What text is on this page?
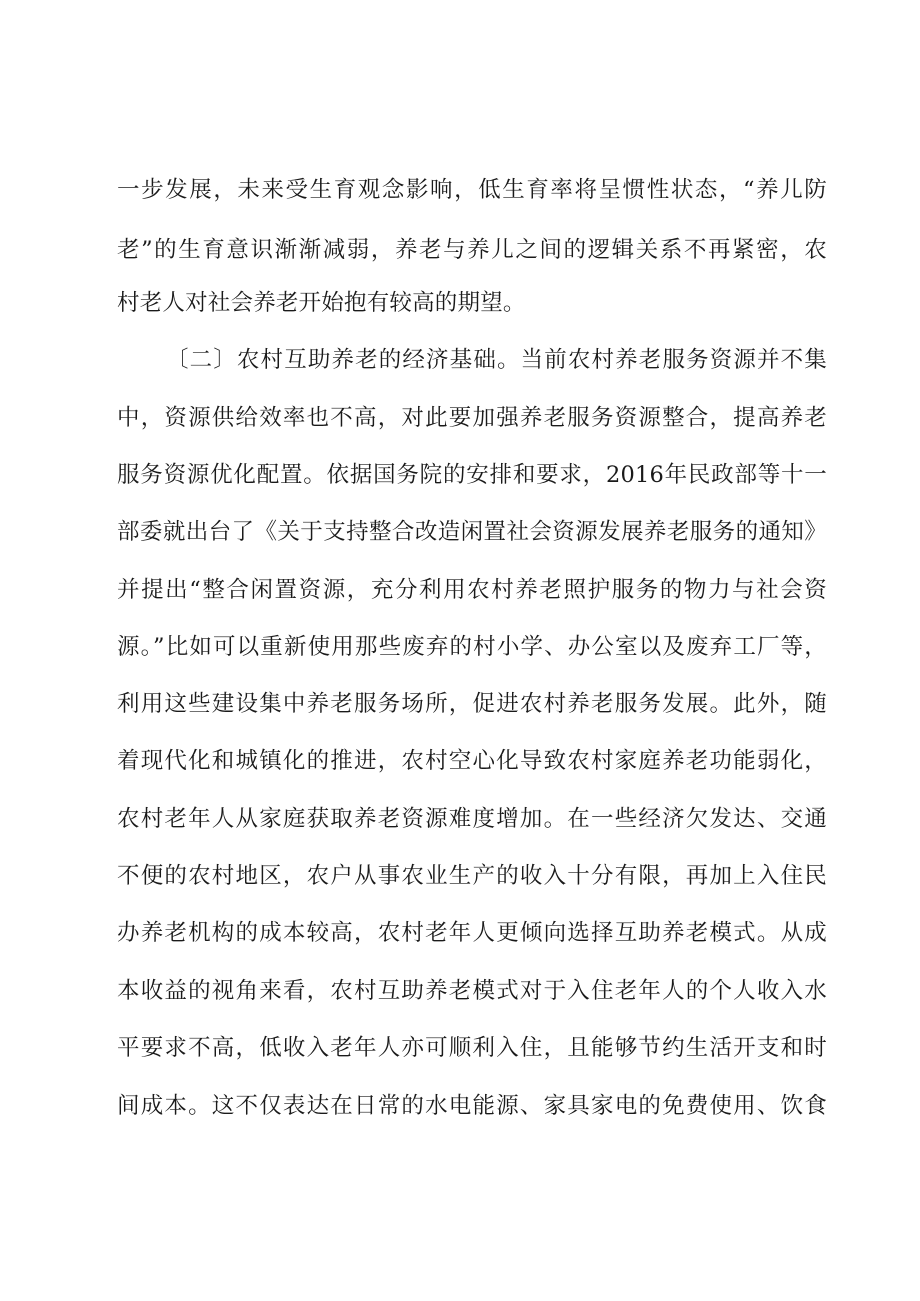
一步发展，未来受生育观念影响，低生育率将呈惯性状态，“养儿防
老”的生育意识渐渐减弱，养老与养儿之间的逻辑关系不再紧密，农
村老人对社会养老开始抱有较高的期望。
〔二〕农村互助养老的经济基础。当前农村养老服务资源并不集
中，资源供给效率也不高，对此要加强养老服务资源整合，提高养老
服务资源优化配置。依据国务院的安排和要求，2016年民政部等十一
部委就出台了《关于支持整合改造闲置社会资源发展养老服务的通知》
并提出“整合闲置资源，充分利用农村养老照护服务的物力与社会资
源。”比如可以重新使用那些废弃的村小学、办公室以及废弃工厂等，
利用这些建设集中养老服务场所，促进农村养老服务发展。此外，随
着现代化和城镇化的推进，农村空心化导致农村家庭养老功能弱化，
农村老年人从家庭获取养老资源难度增加。在一些经济欠发达、交通
不便的农村地区，农户从事农业生产的收入十分有限，再加上入住民
办养老机构的成本较高，农村老年人更倾向选择互助养老模式。从成
本收益的视角来看，农村互助养老模式对于入住老年人的个人收入水
平要求不高，低收入老年人亦可顺利入住，且能够节约生活开支和时
间成本。这不仅表达在日常的水电能源、家具家电的免费使用、饮食
